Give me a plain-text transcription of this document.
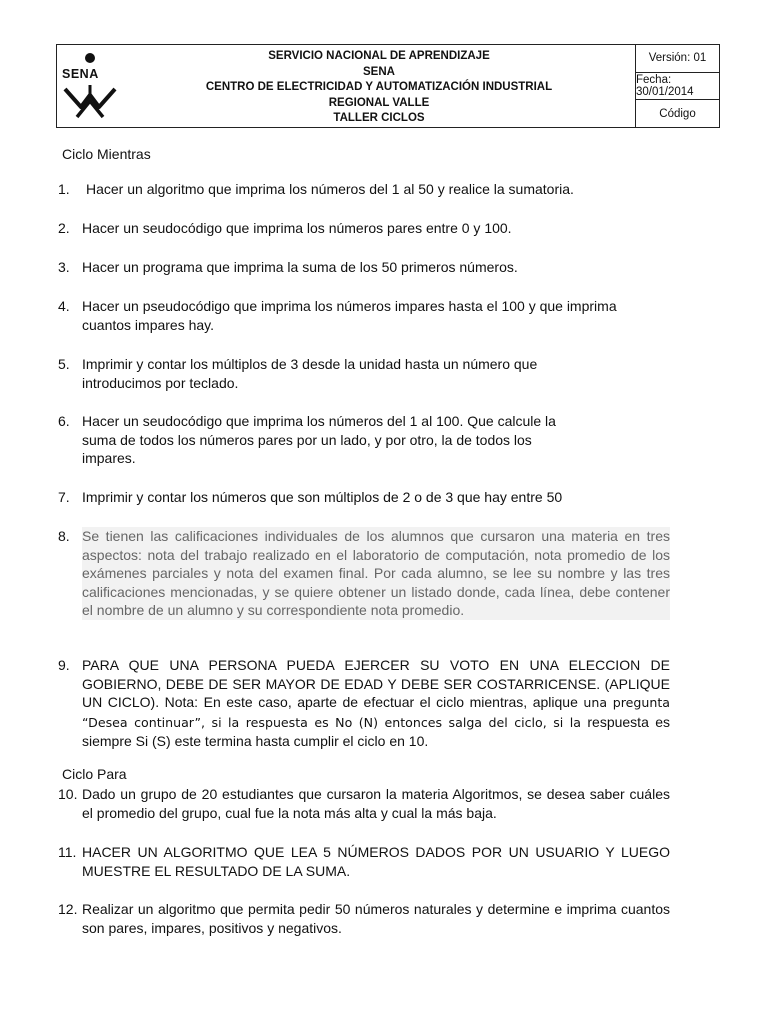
SENA
SERVICIO NACIONAL DE APRENDIZAJE
SENA
CENTRO DE ELECTRICIDAD Y AUTOMATIZACIÓN INDUSTRIAL
REGIONAL VALLE
TALLER CICLOS
Versión: 01
Fecha: 30/01/2014
Código
Ciclo Mientras
1.	Hacer un algoritmo que imprima los números del 1 al 50 y realice la sumatoria.
2. Hacer un seudocódigo que imprima los números pares entre 0 y 100.
3. Hacer un programa que imprima la suma de los 50 primeros números.
4. Hacer un pseudocódigo que imprima los números impares hasta el 100 y que imprima cuantos impares hay.
5. Imprimir y contar los múltiplos de 3 desde la unidad hasta un número que introducimos por teclado.
6. Hacer un seudocódigo que imprima los números del 1 al 100. Que calcule la suma de todos los números pares por un lado, y por otro, la de todos los impares.
7. Imprimir y contar los números que son múltiplos de 2 o de 3 que hay entre 50
8. Se tienen las calificaciones individuales de los alumnos que cursaron una materia en tres aspectos: nota del trabajo realizado en el laboratorio de computación, nota promedio de los exámenes parciales y nota del examen final. Por cada alumno, se lee su nombre y las tres calificaciones mencionadas, y se quiere obtener un listado donde, cada línea, debe contener el nombre de un alumno y su correspondiente nota promedio.
9. PARA QUE UNA PERSONA PUEDA EJERCER SU VOTO EN UNA ELECCION DE GOBIERNO, DEBE DE SER MAYOR DE EDAD Y DEBE SER COSTARRICENSE. (APLIQUE UN CICLO). Nota: En este caso, aparte de efectuar el ciclo mientras, aplique una pregunta “Desea continuar”, si la respuesta es No (N) entonces salga del ciclo, si la respuesta es siempre Si (S) este termina hasta cumplir el ciclo en 10.
Ciclo Para
10. Dado un grupo de 20 estudiantes que cursaron la materia Algoritmos, se desea saber cuáles el promedio del grupo, cual fue la nota más alta y cual la más baja.
11. HACER UN ALGORITMO QUE LEA 5 NÚMEROS DADOS POR UN USUARIO Y LUEGO MUESTRE EL RESULTADO DE LA SUMA.
12. Realizar un algoritmo que permita pedir 50 números naturales y determine e imprima cuantos son pares, impares, positivos y negativos.
